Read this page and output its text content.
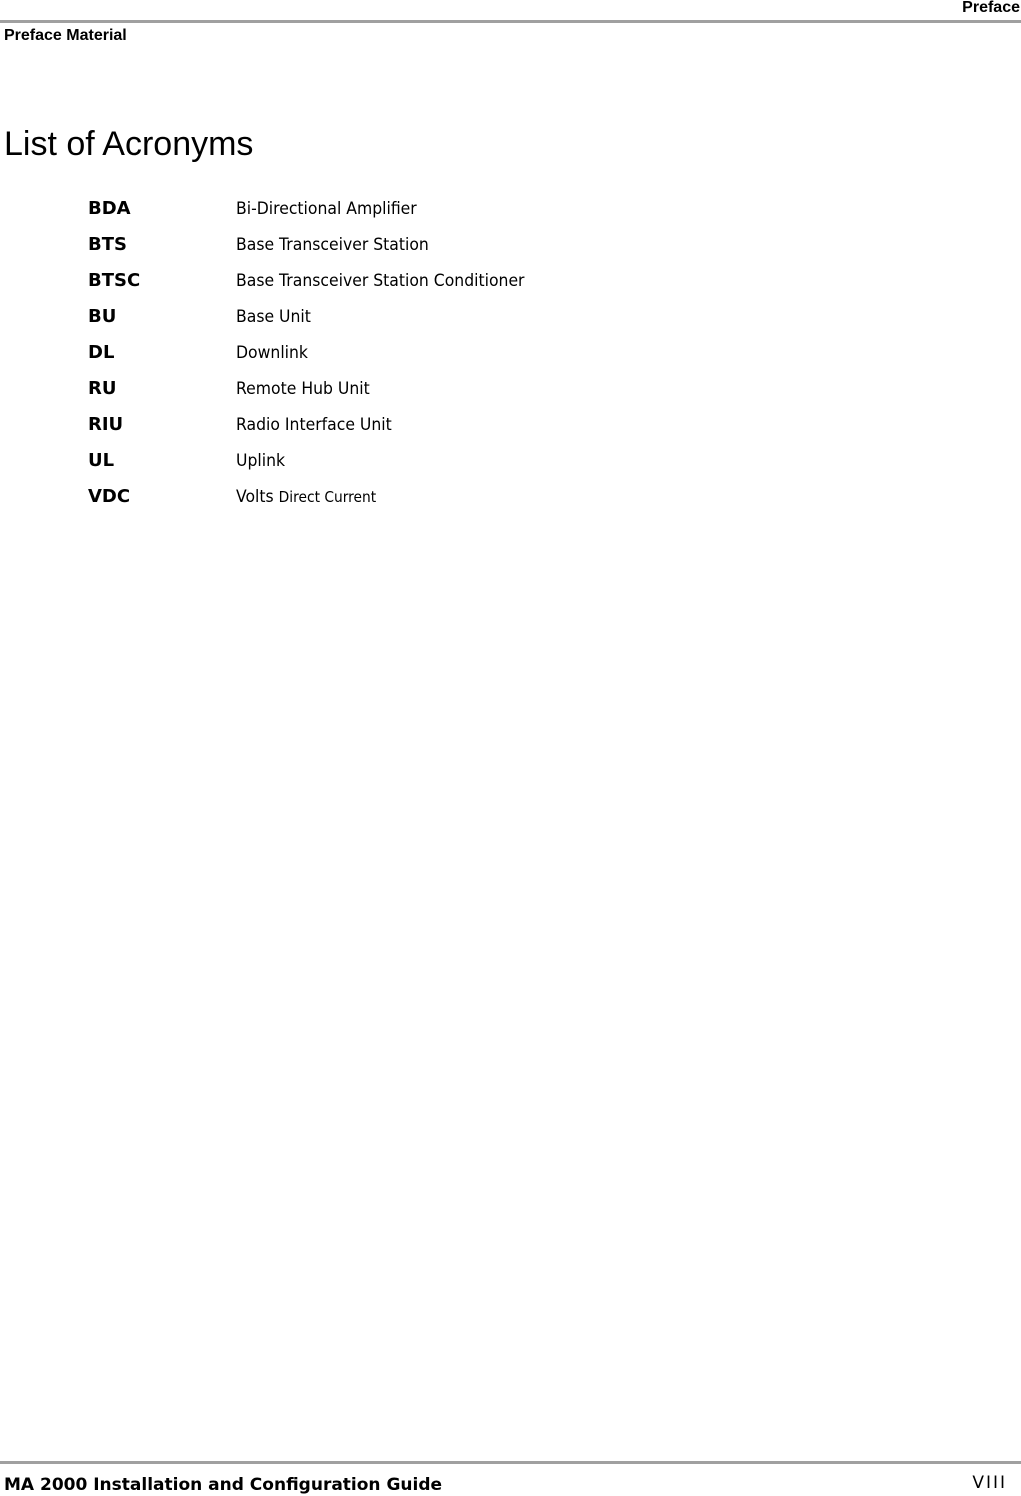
Preface
Preface Material
List of Acronyms
BDA	Bi-Directional Amplifier
BTS	Base Transceiver Station
BTSC	Base Transceiver Station Conditioner
BU	Base Unit
DL	Downlink
RU	Remote Hub Unit
RIU	Radio Interface Unit
UL	Uplink
VDC	Volts Direct Current
MA 2000 Installation and Configuration Guide	VIII
